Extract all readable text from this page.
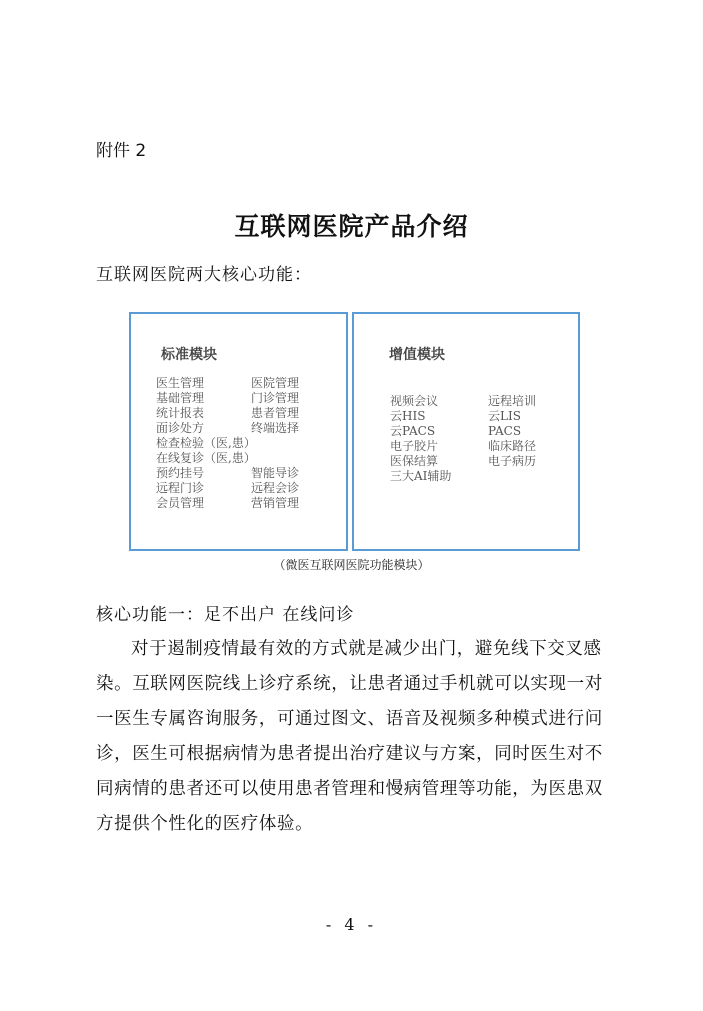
附件 2
互联网医院产品介绍
互联网医院两大核心功能：
标准模块
医生管理
基础管理
统计报表
面诊处方
检查检验（医,患）
在线复诊（医,患）
预约挂号
远程门诊
会员管理
医院管理
门诊管理
患者管理
终端选择
智能导诊
远程会诊
营销管理
增值模块
视频会议
云HIS
云PACS
电子胶片
医保结算
三大AI辅助
远程培训
云LIS
PACS
临床路径
电子病历
（微医互联网医院功能模块）
核心功能一：足不出户 在线问诊
对于遏制疫情最有效的方式就是减少出门，避免线下交叉感
染。互联网医院线上诊疗系统，让患者通过手机就可以实现一对
一医生专属咨询服务，可通过图文、语音及视频多种模式进行问
诊，医生可根据病情为患者提出治疗建议与方案，同时医生对不
同病情的患者还可以使用患者管理和慢病管理等功能，为医患双
方提供个性化的医疗体验。
- 4 -
